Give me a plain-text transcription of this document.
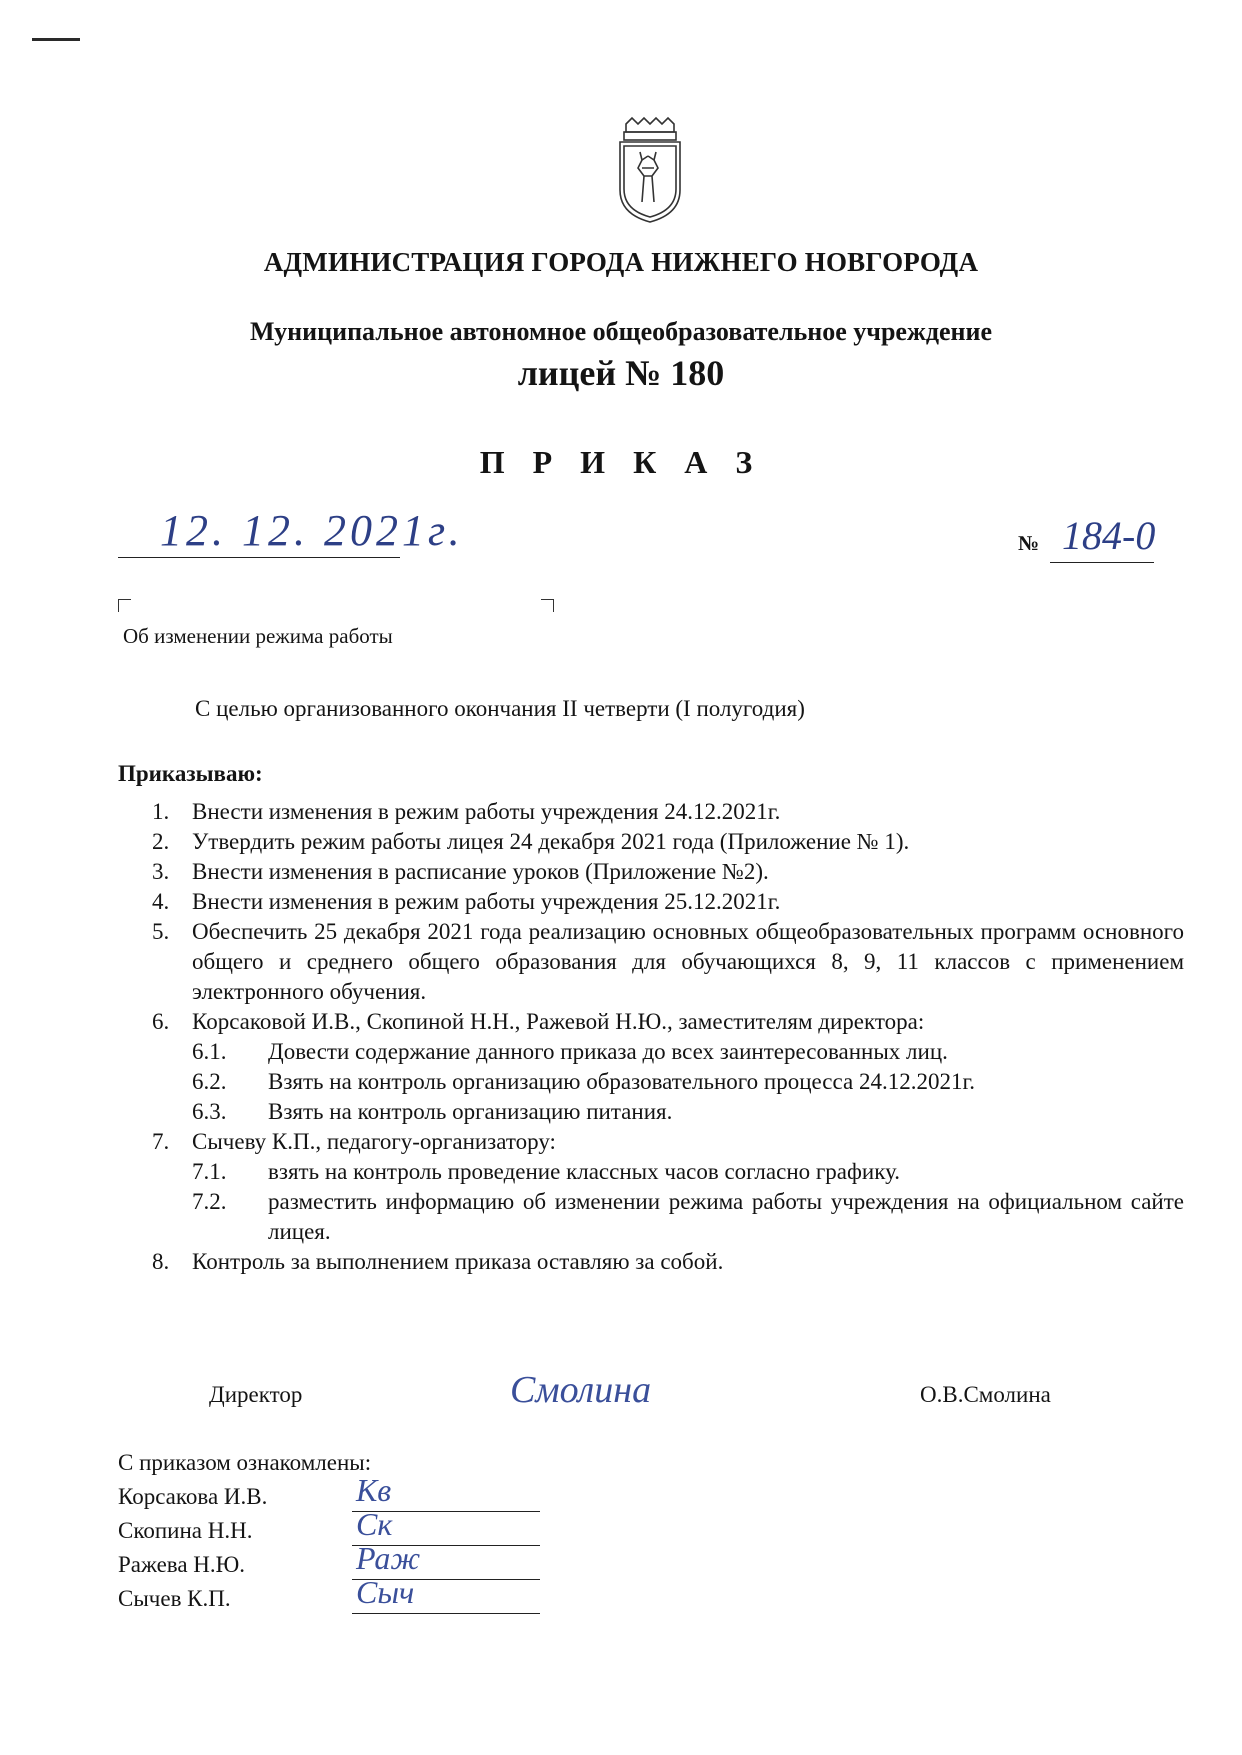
АДМИНИСТРАЦИЯ ГОРОДА НИЖНЕГО НОВГОРОДА
Муниципальное автономное общеобразовательное учреждение
лицей № 180
П Р И К А З
12. 12. 2021г.	№ 184-0
Об изменении режима работы
С целью организованного окончания II четверти (I полугодия)
Приказываю:
1. Внести изменения в режим работы учреждения 24.12.2021г.
2. Утвердить режим работы лицея 24 декабря 2021 года (Приложение № 1).
3. Внести изменения в расписание уроков (Приложение №2).
4. Внести изменения в режим работы учреждения 25.12.2021г.
5. Обеспечить 25 декабря 2021 года реализацию основных общеобразовательных программ основного общего и среднего общего образования для обучающихся 8, 9, 11 классов с применением электронного обучения.
6. Корсаковой И.В., Скопиной Н.Н., Ражевой Н.Ю., заместителям директора:
6.1.	Довести содержание данного приказа до всех заинтересованных лиц.
6.2.	Взять на контроль организацию образовательного процесса 24.12.2021г.
6.3.	Взять на контроль организацию питания.
7. Сычеву К.П., педагогу-организатору:
7.1.	взять на контроль проведение классных часов согласно графику.
7.2.	разместить информацию об изменении режима работы учреждения на официальном сайте лицея.
8. Контроль за выполнением приказа оставляю за собой.
Директор	Смолина	О.В.Смолина
С приказом ознакомлены:
Корсакова И.В.	Кв
Скопина Н.Н.	Ск
Ражева Н.Ю.	Раж
Сычев К.П.	Сыч
